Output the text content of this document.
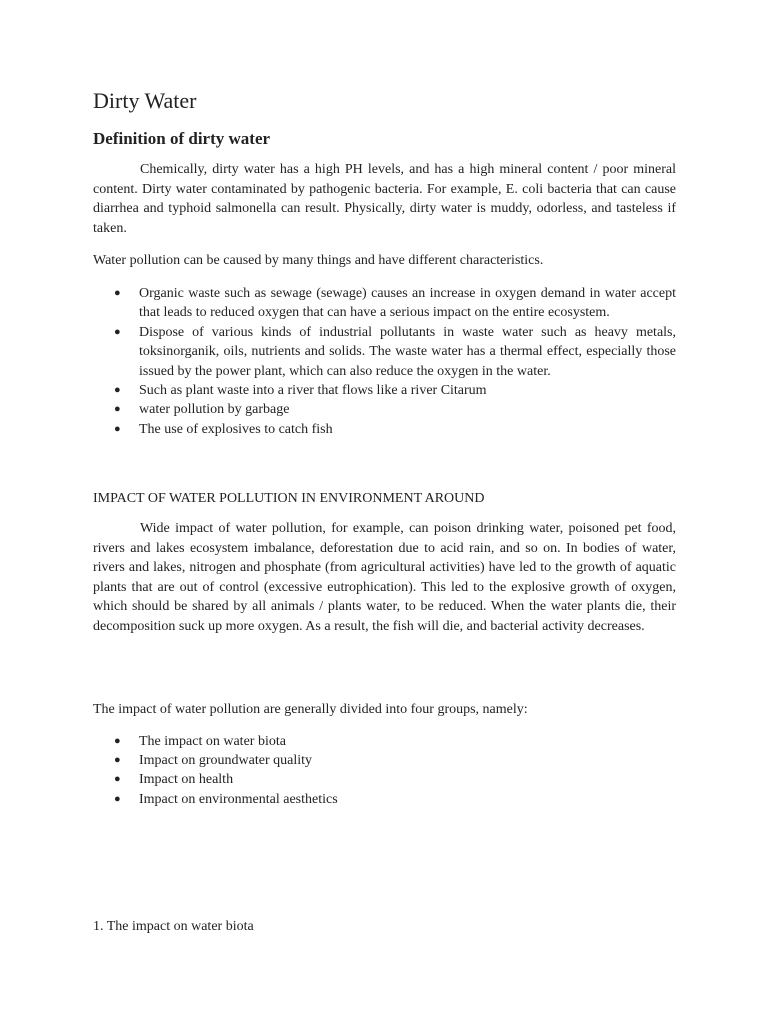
Dirty Water
Definition of dirty water

Chemically, dirty water has a high PH levels, and has a high mineral content / poor mineral content. Dirty water contaminated by pathogenic bacteria. For example, E. coli bacteria that can cause diarrhea and typhoid salmonella can result. Physically, dirty water is muddy, odorless, and tasteless if taken.

Water pollution can be caused by many things and have different characteristics.

● Organic waste such as sewage (sewage) causes an increase in oxygen demand in water accept that leads to reduced oxygen that can have a serious impact on the entire ecosystem.
● Dispose of various kinds of industrial pollutants in waste water such as heavy metals, toksinorganik, oils, nutrients and solids. The waste water has a thermal effect, especially those issued by the power plant, which can also reduce the oxygen in the water.
● Such as plant waste into a river that flows like a river Citarum
● water pollution by garbage
● The use of explosives to catch fish

IMPACT OF WATER POLLUTION IN ENVIRONMENT AROUND

Wide impact of water pollution, for example, can poison drinking water, poisoned pet food, rivers and lakes ecosystem imbalance, deforestation due to acid rain, and so on. In bodies of water, rivers and lakes, nitrogen and phosphate (from agricultural activities) have led to the growth of aquatic plants that are out of control (excessive eutrophication). This led to the explosive growth of oxygen, which should be shared by all animals / plants water, to be reduced. When the water plants die, their decomposition suck up more oxygen. As a result, the fish will die, and bacterial activity decreases.

The impact of water pollution are generally divided into four groups, namely:

● The impact on water biota
● Impact on groundwater quality
● Impact on health
● Impact on environmental aesthetics

1. The impact on water biota
